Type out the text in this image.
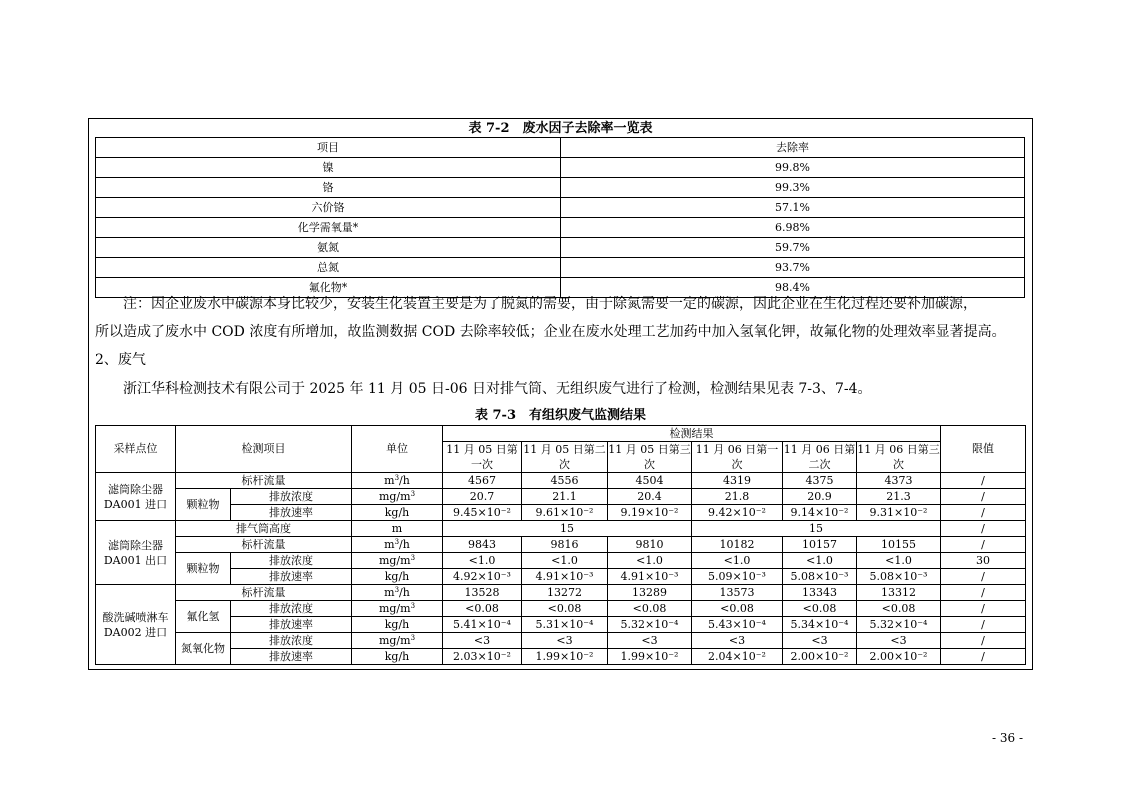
表 7-2　废水因子去除率一览表
项目	去除率
镍	99.8%
铬	99.3%
六价铬	57.1%
化学需氧量*	6.98%
氨氮	59.7%
总氮	93.7%
氟化物*	98.4%
注：因企业废水中碳源本身比较少，安装生化装置主要是为了脱氮的需要，由于除氮需要一定的碳源，因此企业在生化过程还要补加碳源，
所以造成了废水中 COD 浓度有所增加，故监测数据 COD 去除率较低；企业在废水处理工艺加药中加入氢氧化钾，故氟化物的处理效率显著提高。
2、废气
浙江华科检测技术有限公司于 2025 年 11 月 05 日-06 日对排气筒、无组织废气进行了检测，检测结果见表 7-3、7-4。
表 7-3　有组织废气监测结果
采样点位	检测项目		单位	检测结果						限值
				11 月 05 日第一次	11 月 05 日第二次	11 月 05 日第三次	11 月 06 日第一次	11 月 06 日第二次	11 月 06 日第三次	
滤筒除尘器DA001 进口	标杆流量		$m^3/h$	4567	4556	4504	4319	4375	4373	/
	颗粒物	排放浓度	$mg/m^3$	20.7	21.1	20.4	21.8	20.9	21.3	/
		排放速率	kg/h	9.45×10⁻²	9.61×10⁻²	9.19×10⁻²	9.42×10⁻²	9.14×10⁻²	9.31×10⁻²	/
滤筒除尘器DA001 出口	排气筒高度		m	15			15			/
	标杆流量		$m^3/h$	9843	9816	9810	10182	10157	10155	/
	颗粒物	排放浓度	$mg/m^3$	<1.0	<1.0	<1.0	<1.0	<1.0	<1.0	30
		排放速率	kg/h	4.92×10⁻³	4.91×10⁻³	4.91×10⁻³	5.09×10⁻³	5.08×10⁻³	5.08×10⁻³	/
酸洗碱喷淋车 DA002 进口	标杆流量		$m^3/h$	13528	13272	13289	13573	13343	13312	/
	氟化氢	排放浓度	$mg/m^3$	<0.08	<0.08	<0.08	<0.08	<0.08	<0.08	/
		排放速率	kg/h	5.41×10⁻⁴	5.31×10⁻⁴	5.32×10⁻⁴	5.43×10⁻⁴	5.34×10⁻⁴	5.32×10⁻⁴	/
	氮氧化物	排放浓度	$mg/m^3$	<3	<3	<3	<3	<3	<3	/
		排放速率	kg/h	2.03×10⁻²	1.99×10⁻²	1.99×10⁻²	2.04×10⁻²	2.00×10⁻²	2.00×10⁻²	/
- 36 -
